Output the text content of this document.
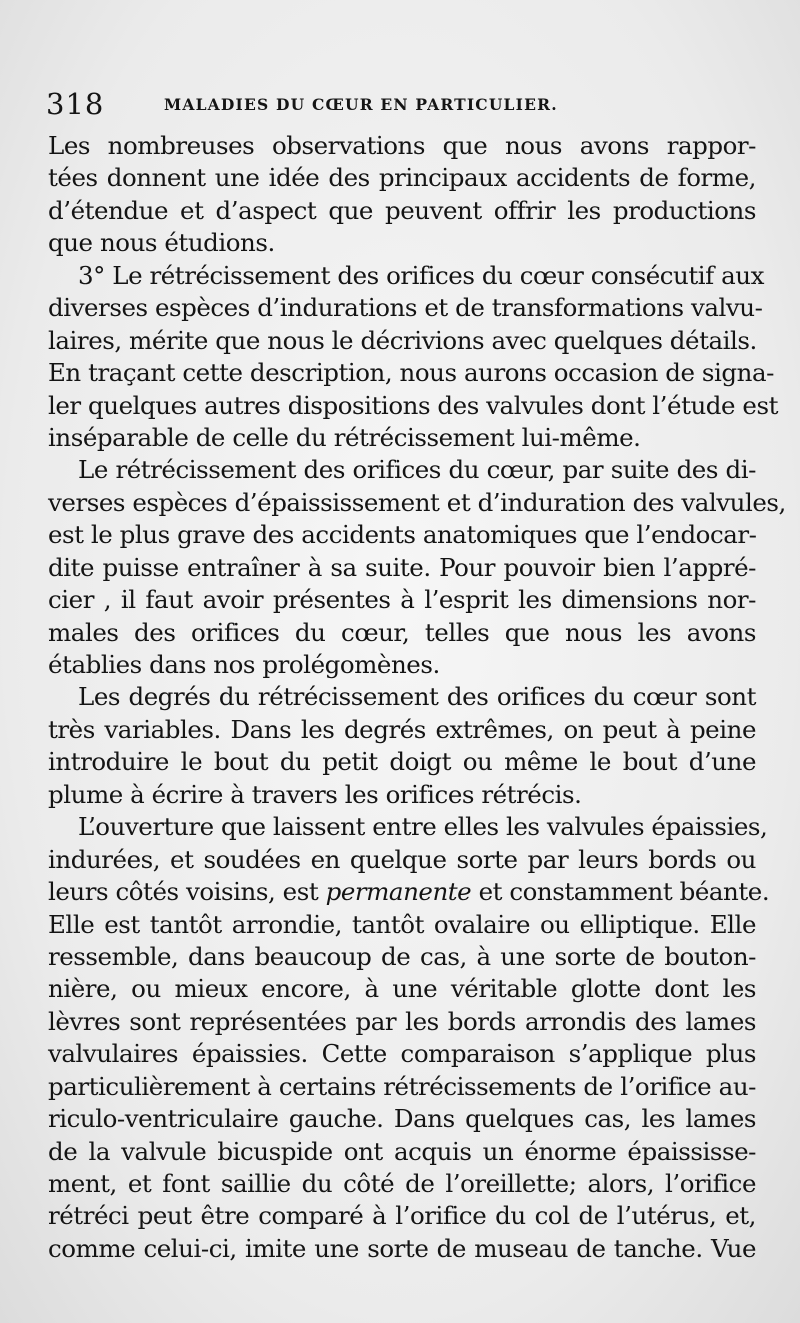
318	MALADIES DU CŒUR EN PARTICULIER.
Les nombreuses observations que nous avons rappor-
tées donnent une idée des principaux accidents de forme,
d’étendue et d’aspect que peuvent offrir les productions
que nous étudions.
3° Le rétrécissement des orifices du cœur consécutif aux
diverses espèces d’indurations et de transformations valvu-
laires, mérite que nous le décrivions avec quelques détails.
En traçant cette description, nous aurons occasion de signa-
ler quelques autres dispositions des valvules dont l’étude est
inséparable de celle du rétrécissement lui-même.
Le rétrécissement des orifices du cœur, par suite des di-
verses espèces d’épaississement et d’induration des valvules,
est le plus grave des accidents anatomiques que l’endocar-
dite puisse entraîner à sa suite. Pour pouvoir bien l’appré-
cier , il faut avoir présentes à l’esprit les dimensions nor-
males des orifices du cœur, telles que nous les avons
établies dans nos prolégomènes.
Les degrés du rétrécissement des orifices du cœur sont
très variables. Dans les degrés extrêmes, on peut à peine
introduire le bout du petit doigt ou même le bout d’une
plume à écrire à travers les orifices rétrécis.
L’ouverture que laissent entre elles les valvules épaissies,
indurées, et soudées en quelque sorte par leurs bords ou
leurs côtés voisins, est permanente et constamment béante.
Elle est tantôt arrondie, tantôt ovalaire ou elliptique. Elle
ressemble, dans beaucoup de cas, à une sorte de bouton-
nière, ou mieux encore, à une véritable glotte dont les
lèvres sont représentées par les bords arrondis des lames
valvulaires épaissies. Cette comparaison s’applique plus
particulièrement à certains rétrécissements de l’orifice au-
riculo-ventriculaire gauche. Dans quelques cas, les lames
de la valvule bicuspide ont acquis un énorme épaississe-
ment, et font saillie du côté de l’oreillette; alors, l’orifice
rétréci peut être comparé à l’orifice du col de l’utérus, et,
comme celui-ci, imite une sorte de museau de tanche. Vue
